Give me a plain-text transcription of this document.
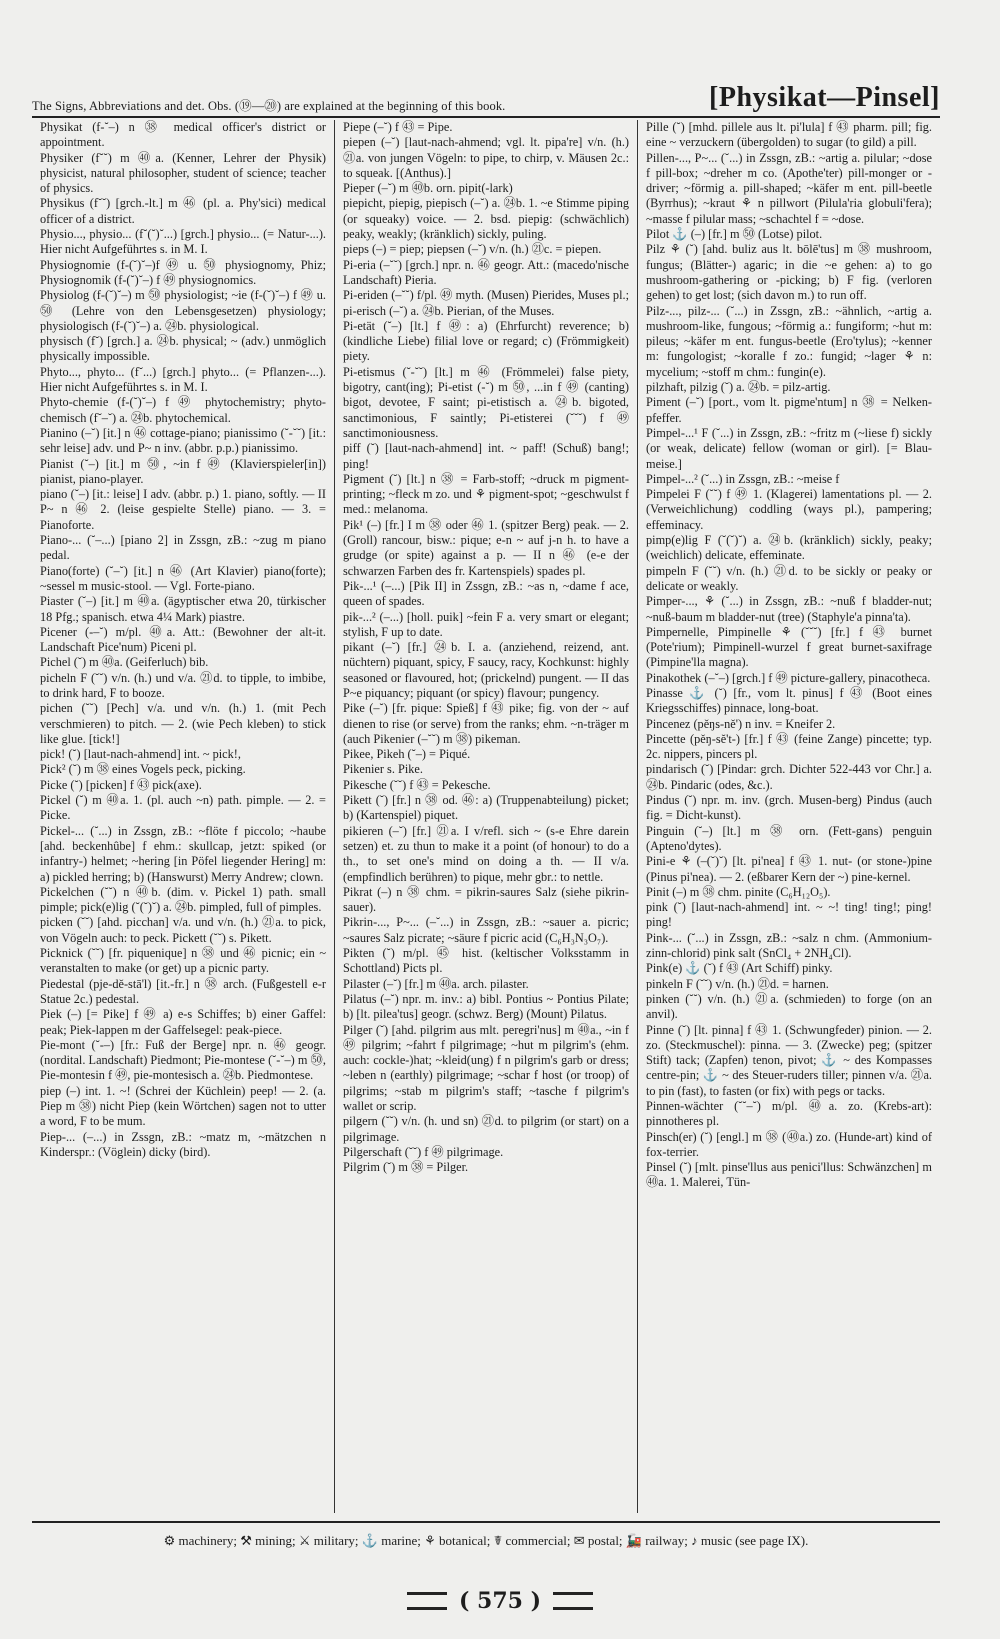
The Signs, Abbreviations and det. Obs. (⑲—⑳) are explained at the beginning of this book.	[Physikat—Pinsel]

Physikat (f-˘–) n ㊳ medical officer's district or appointment.

Physiker (f˘˘) m ㊵a. (Kenner, Lehrer der Physik) physicist, natural philosopher, student of science; teacher of physics.

Physikus (f˘˘) [grch.-lt.] m ㊻ (pl. a. Phy'sici) medical officer of a district.

Physio..., physio... (f˘(˘)˘...) [grch.] physio... (= Natur-...). Hier nicht Aufgeführtes s. in M. I.

Physiognomie (f-(˘)˘–)f ㊾ u. ㊿ physiognomy, Phiz; Physiognomik (f-(˘)˘–) f ㊾ physiognomics.

Physiolog (f-(˘)˘–) m ㊿ physiologist; ~ie (f-(˘)˘–) f ㊾ u. ㊿ (Lehre von den Lebensgesetzen) physiology; physiologisch (f-(˘)˘–) a. ㉔b. physiological.

physisch (f˘) [grch.] a. ㉔b. physical; ~ (adv.) unmöglich physically impossible.

Phyto..., phyto... (f˘...) [grch.] phyto... (= Pflanzen-...). Hier nicht Aufgeführtes s. in M. I.

Phyto-chemie (f-(˘)˘–) f ㊾ phytochemistry; phyto-chemisch (f˘–˘) a. ㉔b. phytochemical.

Pianino (–˘) [it.] n ㊻ cottage-piano; pianissimo (˘-˘˘) [it.: sehr leise] adv. und P~ n inv. (abbr. p.p.) pianissimo.

Pianist (˘–) [it.] m ㊿, ~in f ㊾ (Klavierspieler[in]) pianist, piano-player.

piano (˘–) [it.: leise] I adv. (abbr. p.) 1. piano, softly. — II P~ n ㊻ 2. (leise gespielte Stelle) piano. — 3. = Pianoforte.

Piano-... (˘–...) [piano 2] in Zssgn, zB.: ~zug m piano pedal.

Piano(forte) (˘–˘) [it.] n ㊻ (Art Klavier) piano(forte); ~sessel m music-stool. — Vgl. Forte-piano.

Piaster (˘–) [it.] m ㊵a. (ägyptischer etwa 20, türkischer 18 Pfg.; spanisch. etwa 4¼ Mark) piastre.

Picener (-–˘) m/pl. ㊵a. Att.: (Bewohner der alt-it. Landschaft Pice'num) Piceni pl.

Pichel (˘) m ㊵a. (Geiferluch) bib.

picheln F (˘˘) v/n. (h.) und v/a. ㉑d. to tipple, to imbibe, to drink hard, F to booze.

pichen (˘˘) [Pech] v/a. und v/n. (h.) 1. (mit Pech verschmieren) to pitch. — 2. (wie Pech kleben) to stick like glue. [tick!]

pick! (˘) [laut-nach-ahmend] int. ~ pick!,

Pick² (˘) m ㊳ eines Vogels peck, picking.

Picke (˘) [picken] f ㊸ pick(axe).

Pickel (˘) m ㊵a. 1. (pl. auch ~n) path. pimple. — 2. = Picke.

Pickel-... (˘...) in Zssgn, zB.: ~flöte f piccolo; ~haube [ahd. beckenhûbe] f ehm.: skullcap, jetzt: spiked (or infantry-) helmet; ~hering [in Pöfel liegender Hering] m: a) pickled herring; b) (Hanswurst) Merry Andrew; clown.

Pickelchen (˘˘) n ㊵b. (dim. v. Pickel 1) path. small pimple; pick(e)lig (˘(˘)˘) a. ㉔b. pimpled, full of pimples.

picken (˘˘) [ahd. picchan] v/a. und v/n. (h.) ㉑a. to pick, von Vögeln auch: to peck. Pickett (˘˘) s. Pikett.

Picknick (˘˘) [fr. piquenique] n ㊳ und ㊻ picnic; ein ~ veranstalten to make (or get) up a picnic party.

Piedestal (pje-dě-stā'l) [it.-fr.] n ㊳ arch. (Fußgestell e-r Statue 2c.) pedestal.

Piek (–) [= Pike] f ㊾ a) e-s Schiffes; b) einer Gaffel: peak; Piek-lappen m der Gaffelsegel: peak-piece.

Pie-mont (˘-–) [fr.: Fuß der Berge] npr. n. ㊻ geogr. (nordital. Landschaft) Piedmont; Pie-montese (˘-˘–) m ㊿, Pie-montesin f ㊾, pie-montesisch a. ㉔b. Piedmontese.

piep (–) int. 1. ~! (Schrei der Küchlein) peep! — 2. (a. Piep m ㊳) nicht Piep (kein Wörtchen) sagen not to utter a word, F to be mum.

Piep-... (–...) in Zssgn, zB.: ~matz m, ~mätzchen n Kinderspr.: (Vöglein) dicky (bird).

Piepe (–˘) f ㊸ = Pipe.

piepen (–˘) [laut-nach-ahmend; vgl. lt. pipa're] v/n. (h.) ㉑a. von jungen Vögeln: to pipe, to chirp, v. Mäusen 2c.: to squeak. [(Anthus).]

Pieper (–˘) m ㊵b. orn. pipit(-lark)

piepicht, piepig, piepisch (–˘) a. ㉔b. 1. ~e Stimme piping (or squeaky) voice. — 2. bsd. piepig: (schwächlich) peaky, weakly; (kränklich) sickly, puling.

pieps (–) = piep; piepsen (–˘) v/n. (h.) ㉑c. = piepen.

Pi-eria (–˘˘) [grch.] npr. n. ㊻ geogr. Att.: (macedo'nische Landschaft) Pieria.

Pi-eriden (–˘˘) f/pl. ㊾ myth. (Musen) Pierides, Muses pl.; pi-erisch (–˘) a. ㉔b. Pierian, of the Muses.

Pi-etät (˘–) [lt.] f ㊾: a) (Ehrfurcht) reverence; b) (kindliche Liebe) filial love or regard; c) (Frömmigkeit) piety.

Pi-etismus (˘-˘˘) [lt.] m ㊻ (Frömmelei) false piety, bigotry, cant(ing); Pi-etist (-˘) m ㊿, ...in f ㊾ (canting) bigot, devotee, F saint; pi-etistisch a. ㉔b. bigoted, sanctimonious, F saintly; Pi-etisterei (˘˘˘) f ㊾ sanctimoniousness.

piff (˘) [laut-nach-ahmend] int. ~ paff! (Schuß) bang!; ping!

Pigment (˘) [lt.] n ㊳ = Farb-stoff; ~druck m pigment-printing; ~fleck m zo. und ⚘ pigment-spot; ~geschwulst f med.: melanoma.

Pik¹ (–) [fr.] I m ㊳ oder ㊻ 1. (spitzer Berg) peak. — 2. (Groll) rancour, bisw.: pique; e-n ~ auf j-n h. to have a grudge (or spite) against a p. — II n ㊻ (e-e der schwarzen Farben des fr. Kartenspiels) spades pl.

Pik-...¹ (–...) [Pik II] in Zssgn, zB.: ~as n, ~dame f ace, queen of spades.

pik-...² (–...) [holl. puik] ~fein F a. very smart or elegant; stylish, F up to date.

pikant (–˘) [fr.] ㉔b. I. a. (anziehend, reizend, ant. nüchtern) piquant, spicy, F saucy, racy, Kochkunst: highly seasoned or flavoured, hot; (prickelnd) pungent. — II das P~e piquancy; piquant (or spicy) flavour; pungency.

Pike (–˘) [fr. pique: Spieß] f ㊸ pike; fig. von der ~ auf dienen to rise (or serve) from the ranks; ehm. ~n-träger m (auch Pikenier (–˘˘) m ㊳) pikeman.

Pikee, Pikeh (˘–) = Piqué.

Pikenier s. Pike.

Pikesche (˘˘) f ㊸ = Pekesche.

Pikett (˘) [fr.] n ㊳ od. ㊻: a) (Truppenabteilung) picket; b) (Kartenspiel) piquet.

pikieren (–˘) [fr.] ㉑a. I v/refl. sich ~ (s-e Ehre darein setzen) et. zu thun to make it a point (of honour) to do a th., to set one's mind on doing a th. — II v/a. (empfindlich berühren) to pique, mehr gbr.: to nettle.

Pikrat (–) n ㊳ chm. = pikrin-saures Salz (siehe pikrin-sauer).

Pikrin-..., P~... (–˘...) in Zssgn, zB.: ~sauer a. picric; ~saures Salz picrate; ~säure f picric acid (C₆H₃N₃O₇).

Pikten (˘) m/pl. ㊺ hist. (keltischer Volksstamm in Schottland) Picts pl.

Pilaster (–˘) [fr.] m ㊵a. arch. pilaster.

Pilatus (–˘) npr. m. inv.: a) bibl. Pontius ~ Pontius Pilate; b) [lt. pilea'tus] geogr. (schwz. Berg) (Mount) Pilatus.

Pilger (˘) [ahd. pilgrim aus mlt. peregri'nus] m ㊵a., ~in f ㊾ pilgrim; ~fahrt f pilgrimage; ~hut m pilgrim's (ehm. auch: cockle-)hat; ~kleid(ung) f n pilgrim's garb or dress; ~leben n (earthly) pilgrimage; ~schar f host (or troop) of pilgrims; ~stab m pilgrim's staff; ~tasche f pilgrim's wallet or scrip.

pilgern (˘˘) v/n. (h. und sn) ㉑d. to pilgrim (or start) on a pilgrimage.

Pilgerschaft (˘˘) f ㊾ pilgrimage.

Pilgrim (˘) m ㊳ = Pilger.

Pille (˘) [mhd. pillele aus lt. pi'lula] f ㊸ pharm. pill; fig. eine ~ verzuckern (übergolden) to sugar (to gild) a pill.

Pillen-..., P~... (˘...) in Zssgn, zB.: ~artig a. pilular; ~dose f pill-box; ~dreher m co. (Apothe'ter) pill-monger or -driver; ~förmig a. pill-shaped; ~käfer m ent. pill-beetle (Byrrhus); ~kraut ⚘ n pillwort (Pilula'ria globuli'fera); ~masse f pilular mass; ~schachtel f = ~dose.

Pilot ⚓ (–) [fr.] m ㊿ (Lotse) pilot.

Pilz ⚘ (˘) [ahd. buliz aus lt. bōlē'tus] m ㊳ mushroom, fungus; (Blätter-) agaric; in die ~e gehen: a) to go mushroom-gathering or -picking; b) F fig. (verloren gehen) to get lost; (sich davon m.) to run off.

Pilz-..., pilz-... (˘...) in Zssgn, zB.: ~ähnlich, ~artig a. mushroom-like, fungous; ~förmig a.: fungiform; ~hut m: pileus; ~käfer m ent. fungus-beetle (Ero'tylus); ~kenner m: fungologist; ~koralle f zo.: fungid; ~lager ⚘ n: mycelium; ~stoff m chm.: fungin(e).

pilzhaft, pilzig (˘) a. ㉔b. = pilz-artig.

Piment (–˘) [port., vom lt. pigme'ntum] n ㊳ = Nelken-pfeffer.

Pimpel-...¹ F (˘...) in Zssgn, zB.: ~fritz m (~liese f) sickly (or weak, delicate) fellow (woman or girl). [= Blau-meise.]

Pimpel-...² (˘...) in Zssgn, zB.: ~meise f

Pimpelei F (˘˘) f ㊾ 1. (Klagerei) lamentations pl. — 2. (Verweichlichung) coddling (ways pl.), pampering; effeminacy.

pimp(e)lig F (˘(˘)˘) a. ㉔b. (kränklich) sickly, peaky; (weichlich) delicate, effeminate.

pimpeln F (˘˘) v/n. (h.) ㉑d. to be sickly or peaky or delicate or weakly.

Pimper-..., ⚘ (˘...) in Zssgn, zB.: ~nuß f bladder-nut; ~nuß-baum m bladder-nut (tree) (Staphyle'a pinna'ta).

Pimpernelle, Pimpinelle ⚘ (˘˘˘) [fr.] f ㊸ burnet (Pote'rium); Pimpinell-wurzel f great burnet-saxifrage (Pimpine'lla magna).

Pinakothek (–˘–) [grch.] f ㊾ picture-gallery, pinacotheca.

Pinasse ⚓ (˘) [fr., vom lt. pinus] f ㊸ (Boot eines Kriegsschiffes) pinnace, long-boat.

Pincenez (pěŋs-ně') n inv. = Kneifer 2.

Pincette (pěŋ-sĕ't-) [fr.] f ㊸ (feine Zange) pincette; typ. 2c. nippers, pincers pl.

pindarisch (˘) [Pindar: grch. Dichter 522-443 vor Chr.] a. ㉔b. Pindaric (odes, &c.).

Pindus (˘) npr. m. inv. (grch. Musen-berg) Pindus (auch fig. = Dicht-kunst).

Pinguin (˘–) [lt.] m ㊳ orn. (Fett-gans) penguin (Apteno'dytes).

Pini-e ⚘ (–(˘)˘) [lt. pi'nea] f ㊸ 1. nut- (or stone-)pine (Pinus pi'nea). — 2. (eßbarer Kern der ~) pine-kernel.

Pinit (–) m ㊳ chm. pinite (C₆H₁₂O₅).

pink (˘) [laut-nach-ahmend] int. ~ ~! ting! ting!; ping! ping!

Pink-... (˘...) in Zssgn, zB.: ~salz n chm. (Ammonium-zinn-chlorid) pink salt (SnCl₄ + 2NH₄Cl).

Pink(e) ⚓ (˘) f ㊸ (Art Schiff) pinky.

pinkeln F (˘˘) v/n. (h.) ㉑d. = harnen.

pinken (˘˘) v/n. (h.) ㉑a. (schmieden) to forge (on an anvil).

Pinne (˘) [lt. pinna] f ㊸ 1. (Schwungfeder) pinion. — 2. zo. (Steckmuschel): pinna. — 3. (Zwecke) peg; (spitzer Stift) tack; (Zapfen) tenon, pivot; ⚓ ~ des Kompasses centre-pin; ⚓ ~ des Steuer-ruders tiller; pinnen v/a. ㉑a. to pin (fast), to fasten (or fix) with pegs or tacks.

Pinnen-wächter (˘˘–˘) m/pl. ㊵a. zo. (Krebs-art): pinnotheres pl.

Pinsch(er) (˘) [engl.] m ㊳ (㊵a.) zo. (Hunde-art) kind of fox-terrier.

Pinsel (˘) [mlt. pinse'llus aus penici'llus: Schwänzchen] m ㊵a. 1. Malerei, Tün-

⚙ machinery; ⚒ mining; ⚔ military; ⚓ marine; ⚘ botanical; ☤ commercial; ✉ postal; 🚂 railway; ♪ music (see page IX).
( 575 )
